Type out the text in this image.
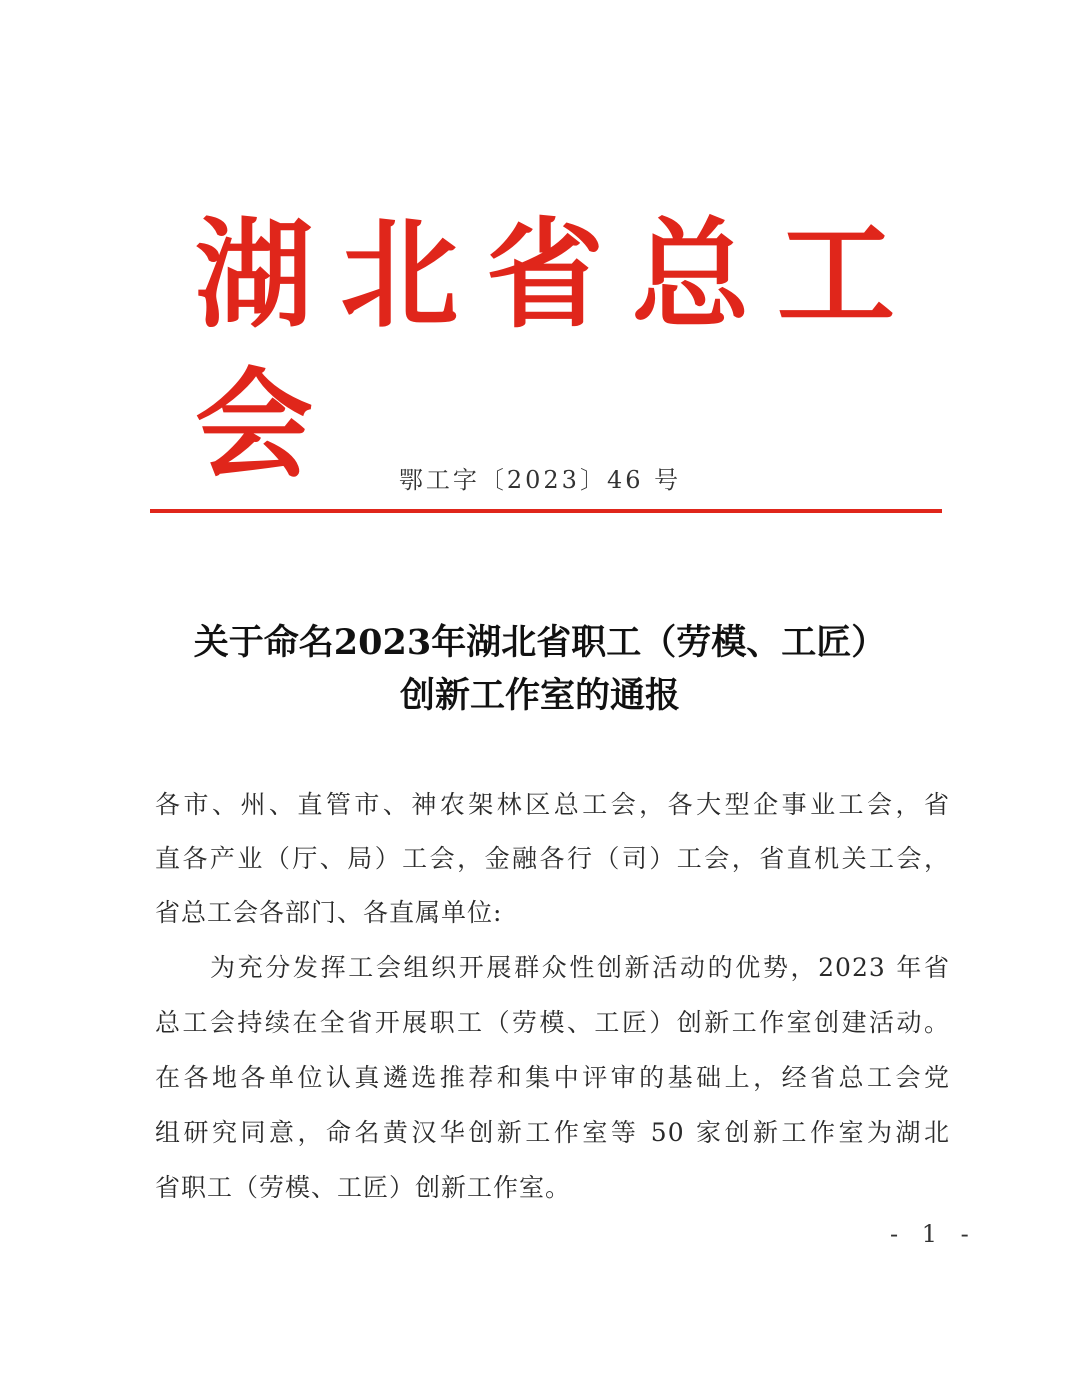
湖北省总工会	鄂工字〔2023〕46 号
关于命名2023年湖北省职工（劳模、工匠）
创新工作室的通报
各市、州、直管市、神农架林区总工会，各大型企事业工会，省
直各产业（厅、局）工会，金融各行（司）工会，省直机关工会，
省总工会各部门、各直属单位:
为充分发挥工会组织开展群众性创新活动的优势，2023 年省
总工会持续在全省开展职工（劳模、工匠）创新工作室创建活动。
在各地各单位认真遴选推荐和集中评审的基础上，经省总工会党
组研究同意，命名黄汉华创新工作室等 50 家创新工作室为湖北
省职工（劳模、工匠）创新工作室。
- 1 -
